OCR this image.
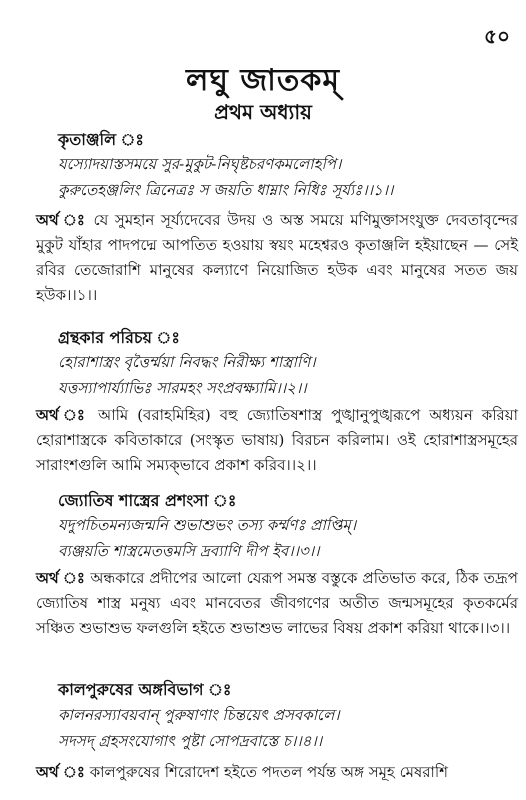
৫০
লঘু জাতকম্
প্রথম অধ্যায়
কৃতাঞ্জলি ঃ
যস্যোদয়াস্তসময়ে সুর-মুকুট-নিঘৃষ্টচরণকমলোহপি।
কুরুতেহঞ্জলিং ত্রিনেত্রঃ স জয়তি ধাম্নাং নিধিঃ সূর্য্যঃ।।১।।
অর্থ ঃ যে সুমহান সূর্য্যদেবের উদয় ও অস্ত সময়ে মণিমুক্তাসংযুক্ত দেবতাবৃন্দের মুকুট যাঁহার পাদপদ্মে আপতিত হওয়ায় স্বয়ং মহেশ্বরও কৃতাঞ্জলি হইয়াছেন — সেই রবির তেজোরাশি মানুষের কল্যাণে নিয়োজিত হউক এবং মানুষের সতত জয় হউক।।১।।
গ্রন্থকার পরিচয় ঃ
হোরাশাস্ত্রং বৃত্তৈর্ম্ময়া নিবদ্ধং নিরীক্ষ্য শাস্ত্রাণি।
যত্তস্যাপার্য্যাভিঃ সারমহং সংপ্রবক্ষ্যামি।।২।।
অর্থ ঃ আমি (বরাহমিহির) বহু জ্যোতিষশাস্ত্র পুঙ্খানুপুঙ্খরূপে অধ্যয়ন করিয়া হোরাশাস্ত্রকে কবিতাকারে (সংস্কৃত ভাষায়) বিরচন করিলাম। ওই হোরাশাস্ত্রসমূহের সারাংশগুলি আমি সম্যক্‌ভাবে প্রকাশ করিব।।২।।
জ্যোতিষ শাস্ত্রের প্রশংসা ঃ
যদুপচিতমন্যজন্মনি শুভাশুভং তস্য কর্ম্মণঃ প্রাপ্তিম্।
ব্যঞ্জয়তি শাস্ত্রমেতত্তমসি দ্রব্যাণি দীপ ইব।।৩।।
অর্থ ঃ অন্ধকারে প্রদীপের আলো যেরূপ সমস্ত বস্তুকে প্রতিভাত করে, ঠিক তদ্রূপ জ্যোতিষ শাস্ত্র মনুষ্য এবং মানবেতর জীবগণের অতীত জন্মসমূহের কৃতকর্মের সঞ্চিত শুভাশুভ ফলগুলি হইতে শুভাশুভ লাভের বিষয় প্রকাশ করিয়া থাকে।।৩।।
কালপুরুষের অঙ্গবিভাগ ঃ
কালনরস্যাবয়বান্ পুরুষাণাং চিন্তয়েৎ প্রসবকালে।
সদসদ্ গ্রহসংযোগাৎ পুষ্টা সোপদ্রবাস্তে চ।।৪।।
অর্থ ঃ কালপুরুষের শিরোদেশ হইতে পদতল পর্যন্ত অঙ্গ সমূহ মেষরাশি
